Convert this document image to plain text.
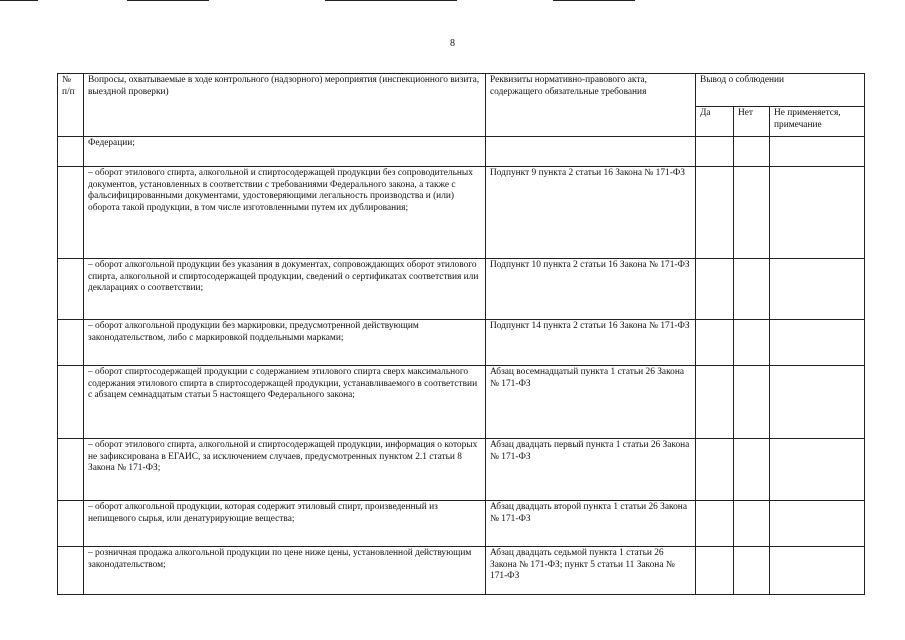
8
№ п/п	Вопросы, охватываемые в ходе контрольного (надзорного) мероприятия (инспекционного визита, выездной проверки)	Реквизиты нормативно-правового акта, содержащего обязательные требования	Вывод о соблюдении		
			Да	Нет	Не применяется, примечание
	Федерации;				
	– оборот этилового спирта, алкогольной и спиртосодержащей продукции без сопроводительных документов, установленных в соответствии с требованиями Федерального закона, а также с фальсифицированными документами, удостоверяющими легальность производства и (или) оборота такой продукции, в том числе изготовленными путем их дублирования;	Подпункт 9 пункта 2 статьи 16 Закона № 171-ФЗ			
	– оборот алкогольной продукции без указания в документах, сопровождающих оборот этилового спирта, алкогольной и спиртосодержащей продукции, сведений о сертификатах соответствия или декларациях о соответствии;	Подпункт 10 пункта 2 статьи 16 Закона № 171-ФЗ			
	– оборот алкогольной продукции без маркировки, предусмотренной действующим законодательством, либо с маркировкой поддельными марками;	Подпункт 14 пункта 2 статьи 16 Закона № 171-ФЗ			
	– оборот спиртосодержащей продукции с содержанием этилового спирта сверх максимального содержания этилового спирта в спиртосодержащей продукции, устанавливаемого в соответствии с абзацем семнадцатым статьи 5 настоящего Федерального закона;	Абзац восемнадцатый пункта 1 статьи 26 Закона № 171-ФЗ			
	– оборот этилового спирта, алкогольной и спиртосодержащей продукции, информация о которых не зафиксирована в ЕГАИС, за исключением случаев, предусмотренных пунктом 2.1 статьи 8 Закона № 171-ФЗ;	Абзац двадцать первый пункта 1 статьи 26 Закона № 171-ФЗ			
	– оборот алкогольной продукции, которая содержит этиловый спирт, произведенный из непищевого сырья, или денатурирующие вещества;	Абзац двадцать второй пункта 1 статьи 26 Закона № 171-ФЗ			
	– розничная продажа алкогольной продукции по цене ниже цены, установленной действующим законодательством;	Абзац двадцать седьмой пункта 1 статьи 26 Закона № 171-ФЗ; пункт 5 статьи 11 Закона № 171-ФЗ			
